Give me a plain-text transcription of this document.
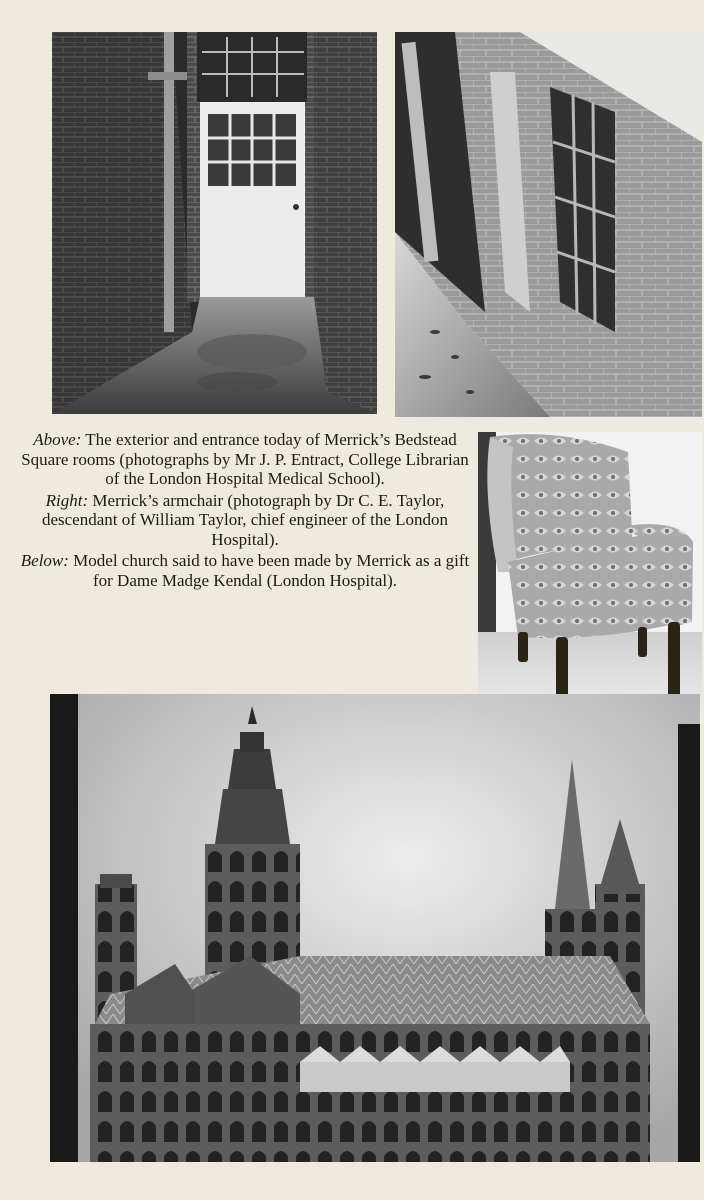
Above: The exterior and entrance today of Merrick’s Bedstead Square rooms (photographs by Mr J. P. Entract, College Librarian of the London Hospital Medical School).

Right: Merrick’s armchair (photograph by Dr C. E. Taylor, descendant of William Taylor, chief engineer of the London Hospital).

Below: Model church said to have been made by Merrick as a gift for Dame Madge Kendal (London Hospital).
